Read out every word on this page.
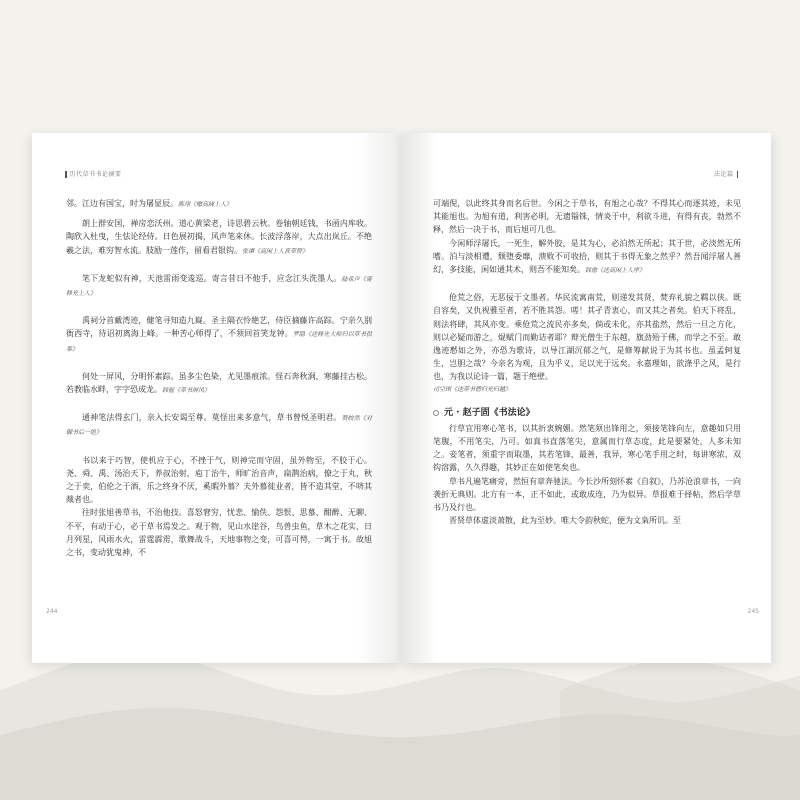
历代草书书论摘要

邻。江边有国宝，时为屠显辰。陈翊《赠高阔上人》

朗上群安国，禅房恋沃州。道心黄梁老，诗思碧云秋。卷轴朝廷钱，书函内库收。陶欣入杜曳，生怯论经侍。日色展初揭，风声笔来休。长波浮落岸，大点出岚丘。不绝羲之法，难穷智永流。肢励一莲作，留看君银钩。张谭《高闲上人真草赞》

笔下龙蛇似有神，天池雷雨变逡巡。寄言昔日不他手，应念江头洗墨人。陆希声《寄释光上人》

禹祠分首戴湾迹，健笔寻知造九嶷。圣主隔衣怜絶艺，侍臣摘藤许高踪。宁亲久别衙西寺，待诏初离海上峰。一种苦心师得了，不须回首笑龙钟。罗隐《送释光大师归以草书供奉》

何处一屏风，分明怀素踪。虽多尘色染，尤见墨痕浓。怪石奔秋涧，寒藤挂古松。若教临水畔，字字恐成龙。韩偓《草书屏风》

通神笔法得玄门，亲入长安谒至尊。莫怪出来多意气，草书曾悦圣明君。赞皎然《对御书后一绝》

书以来于巧智，使机应于心，不挫于气，则神完而守固，虽外物至，不胶于心。尧、舜、禹、汤治天下，养叔治射，庖丁治牛，师旷治音声，扁鹊治病，僚之于丸，秋之于奕，伯伦之于酒，乐之终身不厌，奚暇外慕？夫外慕徙业者，皆不造其堂，不哜其胾者也。

往时张旭善草书，不治他技。喜怒窘穷，忧悲、愉佚、怨恨、思慕、酣醉、无聊、不平，有动于心，必于草书焉发之。观于物，见山水崖谷，鸟兽虫鱼，草木之花实，日月列星，风雨水火，雷霆霹雳，歌舞战斗，天地事物之变，可喜可愕，一寓于书。故旭之书，变动犹鬼神，不

244
法论篇

可端倪，以此终其身而名后世。今闲之于草书，有旭之心哉？不得其心而逐其迹，未见其能旭也。为旭有道，利害必明，无遗锱铢，情炎于中，利欲斗进，有得有丧，勃然不释，然后一决于书，而后旭可几也。

今闲师浮屠氏，一死生，解外胶，是其为心，必泊然无所起；其于世，必淡然无所嗜。泊与淡相遭，颓堕委靡，溃败不可收拾，则其于书得无象之然乎？然吾闻浮屠人善幻，多技能，闲如通其术，则吾不能知矣。韩愈《送高闲上人序》

伧荒之俗，无恶佞于文墨者。华民流寓南荒，则递发其贤，焚弃礼貌之羁以侠。既自容矣，又仇视雅至者，若不胜其怨。嗟！其孑青衷心，而又其之者矣。伯天下将乱，则法将肆，其风亦变。乘伧荒之流民亦多矣，倘或未化，亦其盐然，然后一旦之方化，则以必疑而游之，焜赋门而勤诘者耶？辩光僧生于东越，旗劲殆于佛，而学之不至。敢逸迹慭如之外，亦恐为歌诗，以导江湖沉郁之气，是修筹献说于为其书也。虽孟轲复生，岂胆之哉？今亲名为观，且为乎义，足以光于远矣。永嘉理如，欲涤乎之风，是行也，为我以论诗一篇，题于绝壁。

司空图《送草书僧归光归越》

元 · 赵子固《书法论》

行草宜用寒心笔书，以其折衷婉媚。然笔须出锋用之，须接笔锋向左，意趣如只用笔腹，不用笔尖，乃可。如真书直落笔尖，意属而行草态度，此是要紧处，人多未知之。妾笔者，须重字而取墨，其若笔锋，最善，我异，寒心笔手用之时，每讲寒浓，双钩溶露，久久得趣，其妙正在如使笔矣也。

草书凡遍笔痛旁，然恒有章奔驰法。今长沙所刻怀素《自叙》，乃苏沧浪章书，一向袭折无典则。北方有一本，正不如此，或敢成连，乃为似异。草报难于择帖，然后学草书乃及行也。

晋贤草体虚淡萧散，此为至妙。唯大令韵秋蛇，便为文枭所讥。至

245
